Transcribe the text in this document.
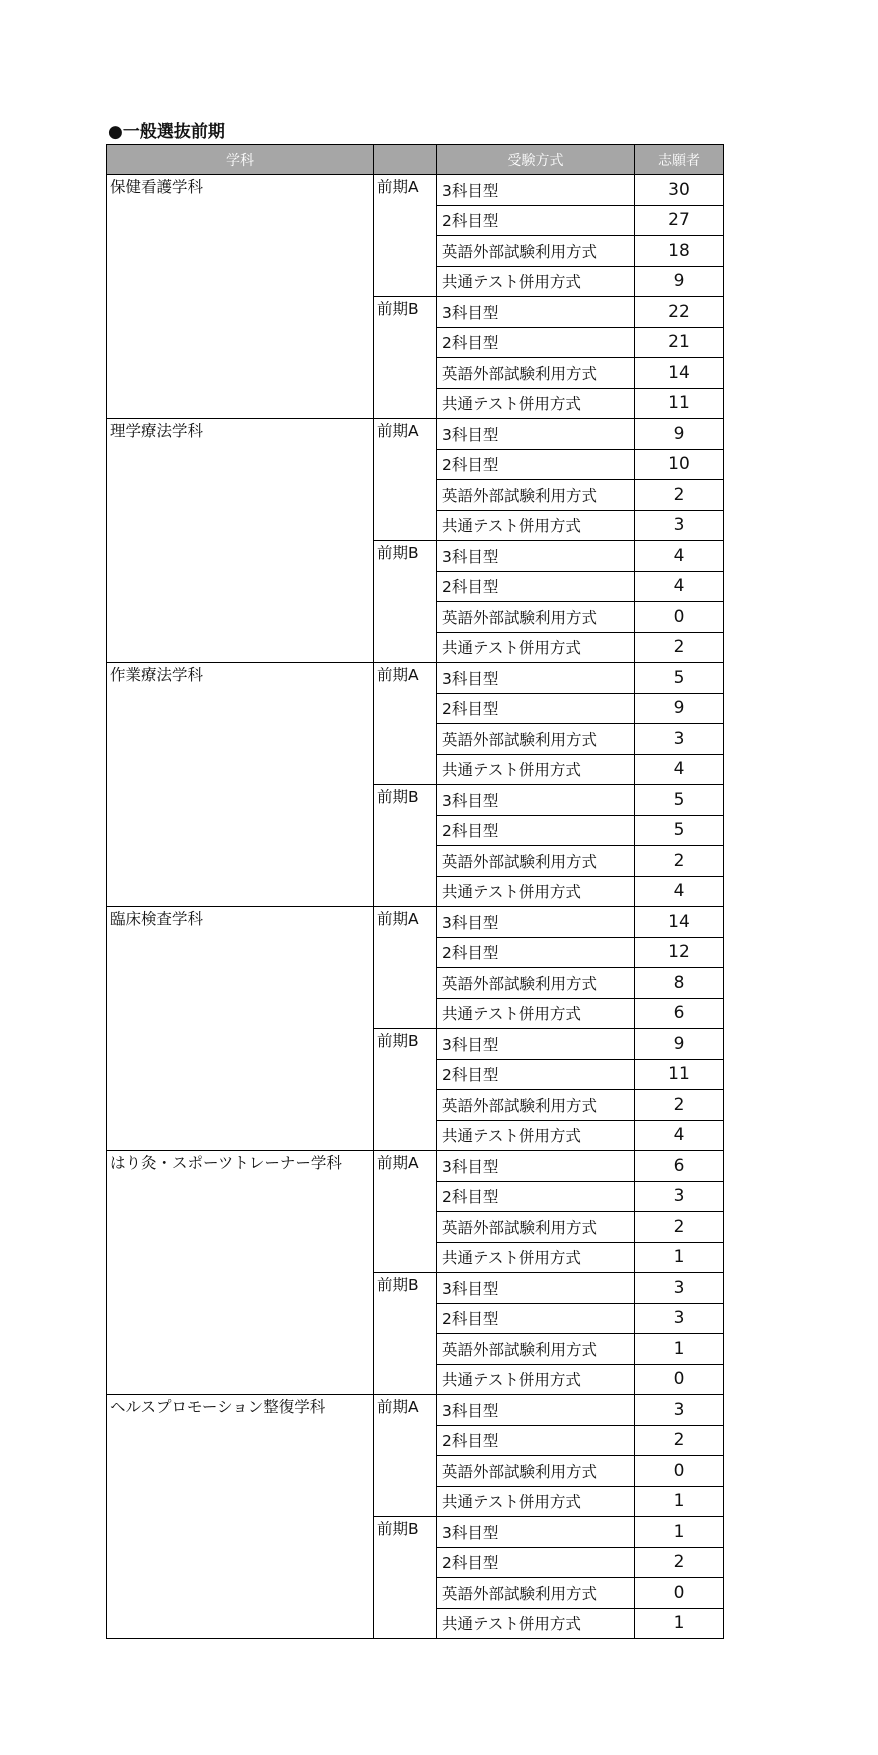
●一般選抜前期
学科		受験方式	志願者
保健看護学科	前期A	3科目型	30
		2科目型	27
		英語外部試験利用方式	18
		共通テスト併用方式	9
	前期B	3科目型	22
		2科目型	21
		英語外部試験利用方式	14
		共通テスト併用方式	11
理学療法学科	前期A	3科目型	9
		2科目型	10
		英語外部試験利用方式	2
		共通テスト併用方式	3
	前期B	3科目型	4
		2科目型	4
		英語外部試験利用方式	0
		共通テスト併用方式	2
作業療法学科	前期A	3科目型	5
		2科目型	9
		英語外部試験利用方式	3
		共通テスト併用方式	4
	前期B	3科目型	5
		2科目型	5
		英語外部試験利用方式	2
		共通テスト併用方式	4
臨床検査学科	前期A	3科目型	14
		2科目型	12
		英語外部試験利用方式	8
		共通テスト併用方式	6
	前期B	3科目型	9
		2科目型	11
		英語外部試験利用方式	2
		共通テスト併用方式	4
はり灸・スポーツトレーナー学科	前期A	3科目型	6
		2科目型	3
		英語外部試験利用方式	2
		共通テスト併用方式	1
	前期B	3科目型	3
		2科目型	3
		英語外部試験利用方式	1
		共通テスト併用方式	0
ヘルスプロモーション整復学科	前期A	3科目型	3
		2科目型	2
		英語外部試験利用方式	0
		共通テスト併用方式	1
	前期B	3科目型	1
		2科目型	2
		英語外部試験利用方式	0
		共通テスト併用方式	1
